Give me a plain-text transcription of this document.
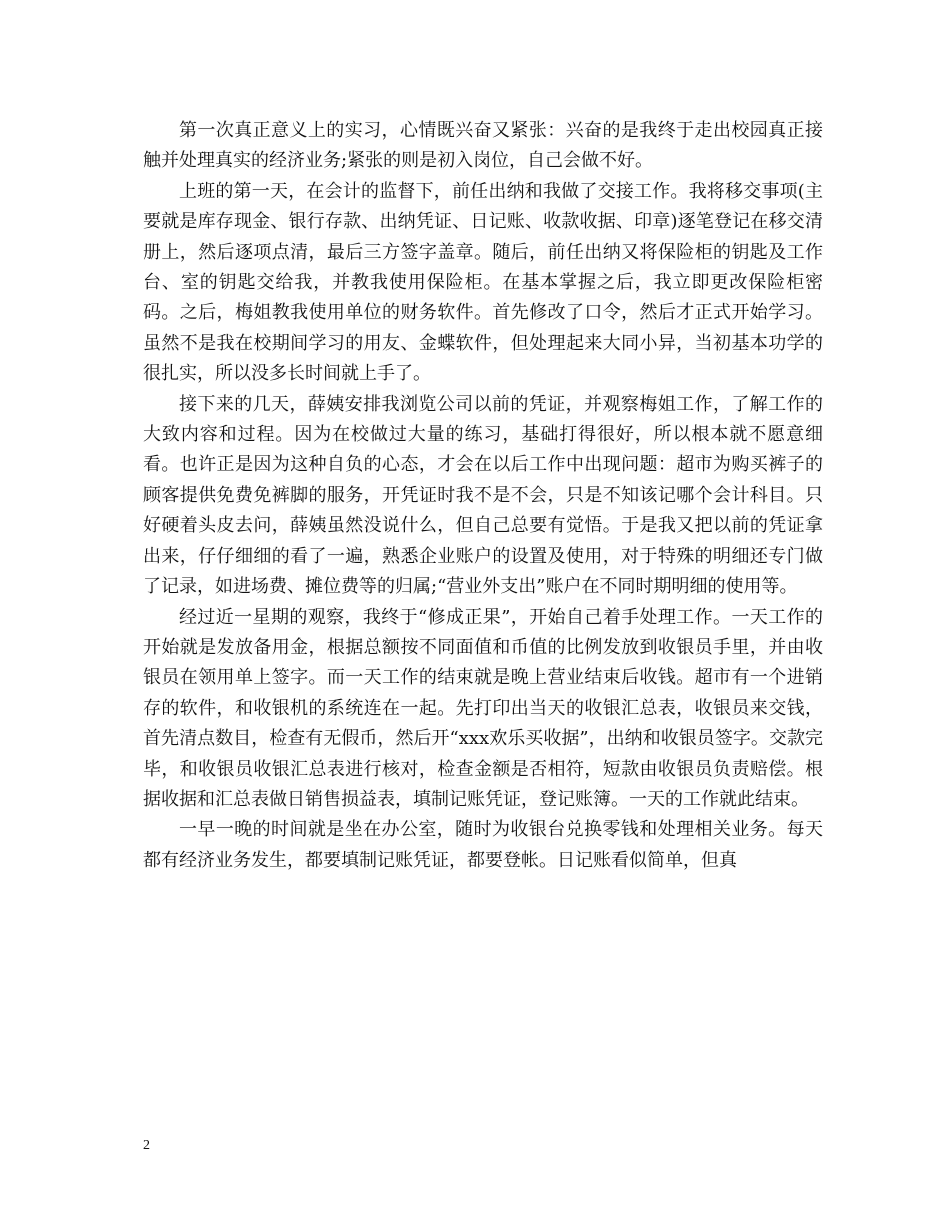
第一次真正意义上的实习，心情既兴奋又紧张：兴奋的是我终于走出校园真正接触并处理真实的经济业务;紧张的则是初入岗位，自己会做不好。

上班的第一天，在会计的监督下，前任出纳和我做了交接工作。我将移交事项(主要就是库存现金、银行存款、出纳凭证、日记账、收款收据、印章)逐笔登记在移交清册上，然后逐项点清，最后三方签字盖章。随后，前任出纳又将保险柜的钥匙及工作台、室的钥匙交给我，并教我使用保险柜。在基本掌握之后，我立即更改保险柜密码。之后，梅姐教我使用单位的财务软件。首先修改了口令，然后才正式开始学习。虽然不是我在校期间学习的用友、金蝶软件，但处理起来大同小异，当初基本功学的很扎实，所以没多长时间就上手了。

接下来的几天，薛姨安排我浏览公司以前的凭证，并观察梅姐工作，了解工作的大致内容和过程。因为在校做过大量的练习，基础打得很好，所以根本就不愿意细看。也许正是因为这种自负的心态，才会在以后工作中出现问题：超市为购买裤子的顾客提供免费免裤脚的服务，开凭证时我不是不会，只是不知该记哪个会计科目。只好硬着头皮去问，薛姨虽然没说什么，但自己总要有觉悟。于是我又把以前的凭证拿出来，仔仔细细的看了一遍，熟悉企业账户的设置及使用，对于特殊的明细还专门做了记录，如进场费、摊位费等的归属;“营业外支出”账户在不同时期明细的使用等。

经过近一星期的观察，我终于“修成正果”，开始自己着手处理工作。一天工作的开始就是发放备用金，根据总额按不同面值和币值的比例发放到收银员手里，并由收银员在领用单上签字。而一天工作的结束就是晚上营业结束后收钱。超市有一个进销存的软件，和收银机的系统连在一起。先打印出当天的收银汇总表，收银员来交钱，首先清点数目，检查有无假币，然后开“xxx欢乐买收据”，出纳和收银员签字。交款完毕，和收银员收银汇总表进行核对，检查金额是否相符，短款由收银员负责赔偿。根据收据和汇总表做日销售损益表，填制记账凭证，登记账簿。一天的工作就此结束。

一早一晚的时间就是坐在办公室，随时为收银台兑换零钱和处理相关业务。每天都有经济业务发生，都要填制记账凭证，都要登帐。日记账看似简单，但真

2
